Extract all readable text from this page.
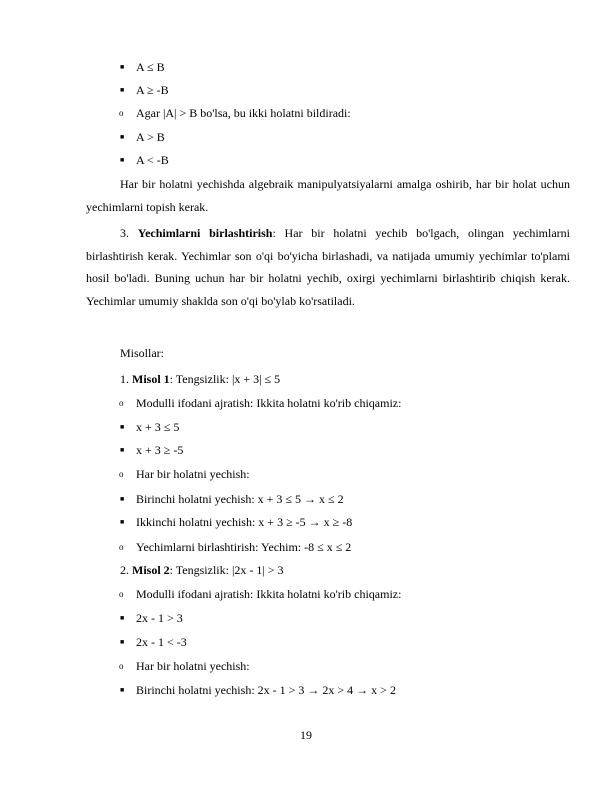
■ A ≤ B
■ A ≥ -B
o Agar |A| > B bo'lsa, bu ikki holatni bildiradi:
■ A > B
■ A < -B
Har bir holatni yechishda algebraik manipulyatsiyalarni amalga oshirib, har bir holat uchun yechimlarni topish kerak.
3. Yechimlarni birlashtirish: Har bir holatni yechib bo'lgach, olingan yechimlarni birlashtirish kerak. Yechimlar son o'qi bo'yicha birlashadi, va natijada umumiy yechimlar to'plami hosil bo'ladi. Buning uchun har bir holatni yechib, oxirgi yechimlarni birlashtirib chiqish kerak. Yechimlar umumiy shaklda son o'qi bo'ylab ko'rsatiladi.
Misollar:
1. Misol 1: Tengsizlik: |x + 3| ≤ 5
o Modulli ifodani ajratish: Ikkita holatni ko'rib chiqamiz:
■ x + 3 ≤ 5
■ x + 3 ≥ -5
o Har bir holatni yechish:
■ Birinchi holatni yechish: x + 3 ≤ 5 → x ≤ 2
■ Ikkinchi holatni yechish: x + 3 ≥ -5 → x ≥ -8
o Yechimlarni birlashtirish: Yechim: -8 ≤ x ≤ 2
2. Misol 2: Tengsizlik: |2x - 1| > 3
o Modulli ifodani ajratish: Ikkita holatni ko'rib chiqamiz:
■ 2x - 1 > 3
■ 2x - 1 < -3
o Har bir holatni yechish:
■ Birinchi holatni yechish: 2x - 1 > 3 → 2x > 4 → x > 2
19
